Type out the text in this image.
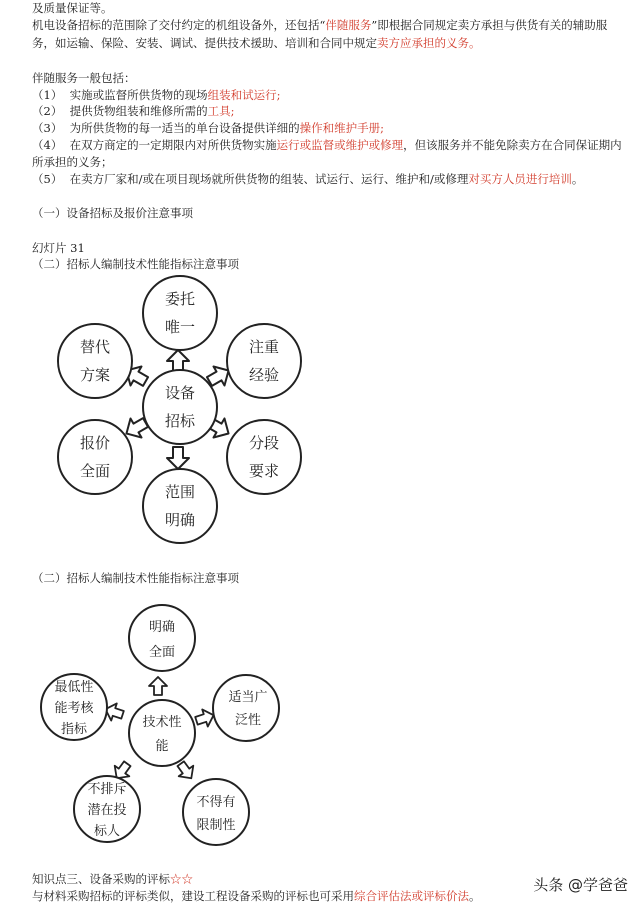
及质量保证等。
机电设备招标的范围除了交付约定的机组设备外，还包括“伴随服务”即根据合同规定卖方承担与供货有关的辅助服
务，如运输、保险、安装、调试、提供技术援助、培训和合同中规定卖方应承担的义务。
伴随服务一般包括：
（1） 实施或监督所供货物的现场组装和试运行;
（2） 提供货物组装和维修所需的工具;
（3） 为所供货物的每一适当的单台设备提供详细的操作和维护手册;
（4） 在双方商定的一定期限内对所供货物实施运行或监督或维护或修理，但该服务并不能免除卖方在合同保证期内
所承担的义务；
（5） 在卖方厂家和/或在项目现场就所供货物的组装、试运行、运行、维护和/或修理对买方人员进行培训。
（一）设备招标及报价注意事项
幻灯片 31
（二）招标人编制技术性能指标注意事项
委托
唯一
注重
经验
分段
要求
范围
明确
报价
全面
替代
方案
设备
招标
（二）招标人编制技术性能指标注意事项
明确
全面
适当广
泛性
不得有
限制性
不排斥
潜在投
标人
最低性
能考核
指标	技术性
能
知识点三、设备采购的评标☆☆
与材料采购招标的评标类似，建设工程设备采购的评标也可采用综合评估法或评标价法。
头条 @学爸爸
